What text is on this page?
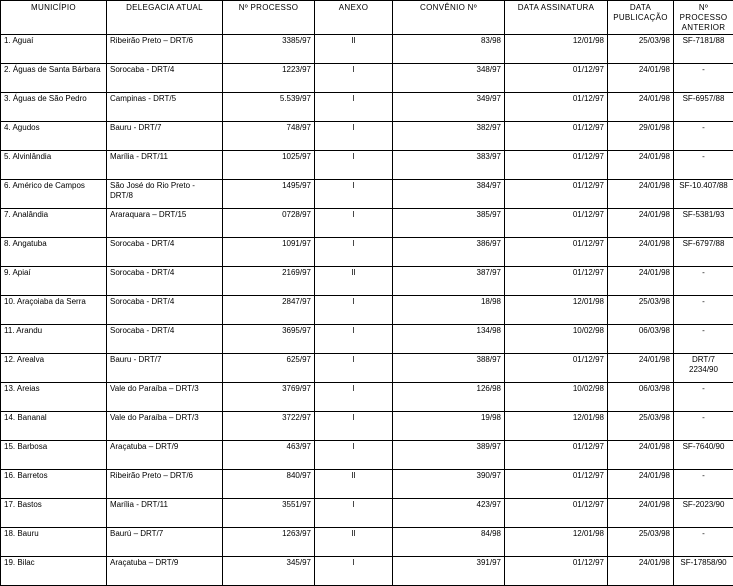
MUNICÍPIO	DELEGACIA ATUAL	Nº PROCESSO	ANEXO	CONVÊNIO Nº	DATA ASSINATURA	DATA PUBLICAÇÃO	Nº PROCESSO ANTERIOR
1. Aguaí	Ribeirão Preto – DRT/6	3385/97	II	83/98	12/01/98	25/03/98	SF-7181/88
2. Águas de Santa Bárbara	Sorocaba - DRT/4	1223/97	I	348/97	01/12/97	24/01/98	-
3. Águas de São Pedro	Campinas - DRT/5	5.539/97	I	349/97	01/12/97	24/01/98	SF-6957/88
4. Agudos	Bauru - DRT/7	748/97	I	382/97	01/12/97	29/01/98	-
5. Alvinlândia	Marília - DRT/11	1025/97	I	383/97	01/12/97	24/01/98	-
6. Américo de Campos	São José do Rio Preto - DRT/8	1495/97	I	384/97	01/12/97	24/01/98	SF-10.407/88
7. Analândia	Araraquara – DRT/15	0728/97	I	385/97	01/12/97	24/01/98	SF-5381/93
8. Angatuba	Sorocaba - DRT/4	1091/97	I	386/97	01/12/97	24/01/98	SF-6797/88
9. Apiaí	Sorocaba - DRT/4	2169/97	II	387/97	01/12/97	24/01/98	-
10. Araçoiaba da Serra	Sorocaba - DRT/4	2847/97	I	18/98	12/01/98	25/03/98	-
11. Arandu	Sorocaba - DRT/4	3695/97	I	134/98	10/02/98	06/03/98	-
12. Arealva	Bauru - DRT/7	625/97	I	388/97	01/12/97	24/01/98	DRT/7 2234/90
13. Areias	Vale do Paraíba – DRT/3	3769/97	I	126/98	10/02/98	06/03/98	-
14. Bananal	Vale do Paraíba – DRT/3	3722/97	I	19/98	12/01/98	25/03/98	-
15. Barbosa	Araçatuba – DRT/9	463/97	I	389/97	01/12/97	24/01/98	SF-7640/90
16. Barretos	Ribeirão Preto – DRT/6	840/97	II	390/97	01/12/97	24/01/98	-
17. Bastos	Marília - DRT/11	3551/97	I	423/97	01/12/97	24/01/98	SF-2023/90
18. Bauru	Baurú – DRT/7	1263/97	II	84/98	12/01/98	25/03/98	-
19. Bilac	Araçatuba – DRT/9	345/97	I	391/97	01/12/97	24/01/98	SF-17858/90
